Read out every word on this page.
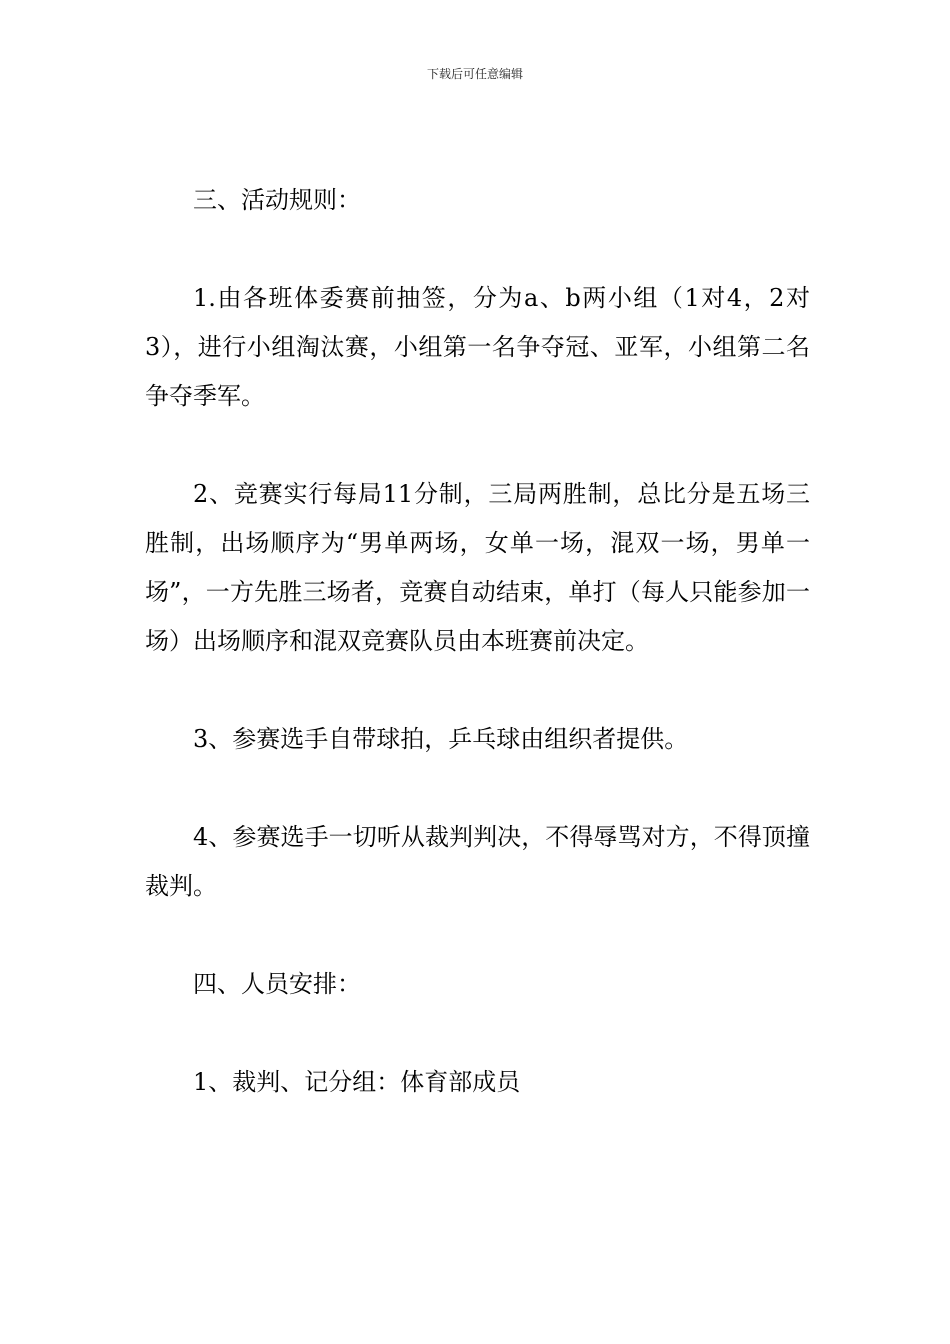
下载后可任意编辑

三、活动规则：

1.由各班体委赛前抽签，分为a、b两小组（1对4，2对3），进行小组淘汰赛，小组第一名争夺冠、亚军，小组第二名争夺季军。

2、竞赛实行每局11分制，三局两胜制，总比分是五场三胜制，出场顺序为“男单两场，女单一场，混双一场，男单一场”，一方先胜三场者，竞赛自动结束，单打（每人只能参加一场）出场顺序和混双竞赛队员由本班赛前决定。

3、参赛选手自带球拍，乒乓球由组织者提供。

4、参赛选手一切听从裁判判决，不得辱骂对方，不得顶撞裁判。

四、人员安排：

1、裁判、记分组：体育部成员
